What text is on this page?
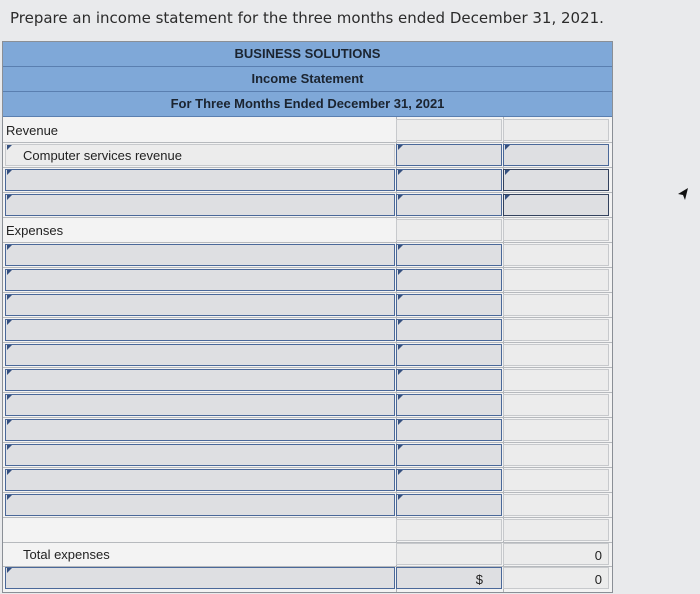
Prepare an income statement for the three months ended December 31, 2021.
BUSINESS SOLUTIONS
Income Statement
For Three Months Ended December 31, 2021
Revenue
Computer services revenue
Expenses
Total expenses	0
$	0
